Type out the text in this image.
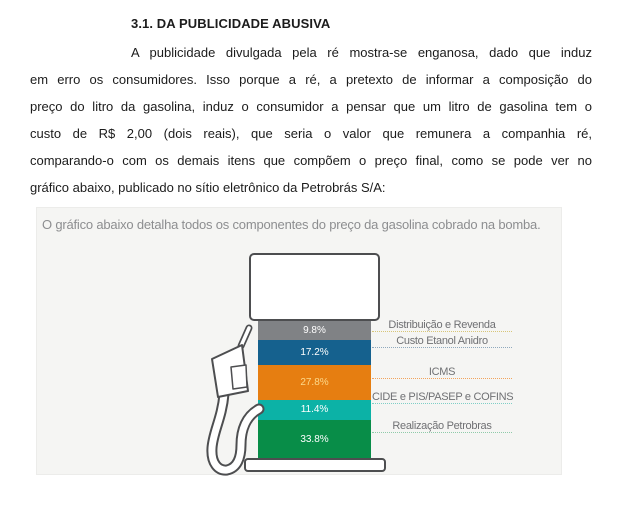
3.1. DA PUBLICIDADE ABUSIVA
A publicidade divulgada pela ré mostra-se enganosa, dado que induz
em erro os consumidores. Isso porque a ré, a pretexto de informar a composição do
preço do litro da gasolina, induz o consumidor a pensar que um litro de gasolina tem o
custo de R$ 2,00 (dois reais), que seria o valor que remunera a companhia ré,
comparando-o com os demais itens que compõem o preço final, como se pode ver no
gráfico abaixo, publicado no sítio eletrônico da Petrobrás S/A:
O gráfico abaixo detalha todos os componentes do preço da gasolina cobrado na bomba.
9.8%
17.2%
27.8%
11.4%
33.8%
Distribuição e Revenda
Custo Etanol Anidro
ICMS
CIDE e PIS/PASEP e COFINS
Realização Petrobras
